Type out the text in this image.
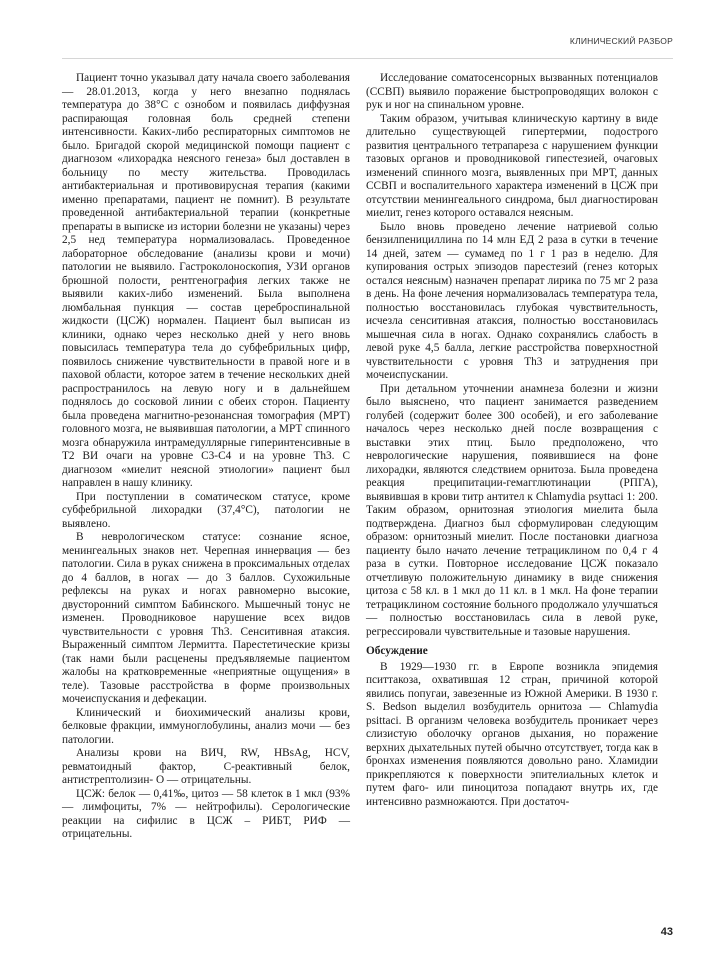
КЛИНИЧЕСКИЙ РАЗБОР

Пациент точно указывал дату начала своего заболевания — 28.01.2013, когда у него внезапно поднялась температура до 38°С с ознобом и появилась диффузная распирающая головная боль средней степени интенсивности. Каких-либо респираторных симптомов не было. Бригадой скорой медицинской помощи пациент с диагнозом «лихорадка неясного генеза» был доставлен в больницу по месту жительства. Проводилась антибактериальная и противовирусная терапия (какими именно препаратами, пациент не помнит). В результате проведенной антибактериальной терапии (конкретные препараты в выписке из истории болезни не указаны) через 2,5 нед температура нормализовалась. Проведенное лабораторное обследование (анализы крови и мочи) патологии не выявило. Гастроколоноскопия, УЗИ органов брюшной полости, рентгенография легких также не выявили каких-либо изменений. Была выполнена люмбальная пункция — состав цереброспинальной жидкости (ЦСЖ) нормален. Пациент был выписан из клиники, однако через несколько дней у него вновь повысилась температура тела до субфебрильных цифр, появилось снижение чувствительности в правой ноге и в паховой области, которое затем в течение нескольких дней распространилось на левую ногу и в дальнейшем поднялось до сосковой линии с обеих сторон. Пациенту была проведена магнитно-резонансная томография (МРТ) головного мозга, не выявившая патологии, а МРТ спинного мозга обнаружила интрамедуллярные гиперинтенсивные в Т2 ВИ очаги на уровне С3-С4 и на уровне Th3. С диагнозом «миелит неясной этиологии» пациент был направлен в нашу клинику.

При поступлении в соматическом статусе, кроме субфебрильной лихорадки (37,4°С), патологии не выявлено.

В неврологическом статусе: сознание ясное, менингеальных знаков нет. Черепная иннервация — без патологии. Сила в руках снижена в проксимальных отделах до 4 баллов, в ногах — до 3 баллов. Сухожильные рефлексы на руках и ногах равномерно высокие, двусторонний симптом Бабинского. Мышечный тонус не изменен. Проводниковое нарушение всех видов чувствительности с уровня Th3. Сенситивная атаксия. Выраженный симптом Лермитта. Парестетические кризы (так нами были расценены предъявляемые пациентом жалобы на кратковременные «неприятные ощущения» в теле). Тазовые расстройства в форме произвольных мочеиспускания и дефекации.

Клинический и биохимический анализы крови, белковые фракции, иммуноглобулины, анализ мочи — без патологии.

Анализы крови на ВИЧ, RW, HBsAg, HCV, ревматоидный фактор, С-реактивный белок, антистрептолизин- О — отрицательны.

ЦСЖ: белок — 0,41‰, цитоз — 58 клеток в 1 мкл (93% — лимфоциты, 7% — нейтрофилы). Серологические реакции на сифилис в ЦСЖ – РИБТ, РИФ — отрицательны.

Исследование соматосенсорных вызванных потенциалов (ССВП) выявило поражение быстропроводящих волокон с рук и ног на спинальном уровне.

Таким образом, учитывая клиническую картину в виде длительно существующей гипертермии, подострого развития центрального тетрапареза с нарушением функции тазовых органов и проводниковой гипестезией, очаговых изменений спинного мозга, выявленных при МРТ, данных ССВП и воспалительного характера изменений в ЦСЖ при отсутствии менингеального синдрома, был диагностирован миелит, генез которого оставался неясным.

Было вновь проведено лечение натриевой солью бензилпенициллина по 14 млн ЕД 2 раза в сутки в течение 14 дней, затем — сумамед по 1 г 1 раз в неделю. Для купирования острых эпизодов парестезий (генез которых остался неясным) назначен препарат лирика по 75 мг 2 раза в день. На фоне лечения нормализовалась температура тела, полностью восстановилась глубокая чувствительность, исчезла сенситивная атаксия, полностью восстановилась мышечная сила в ногах. Однако сохранялись слабость в левой руке 4,5 балла, легкие расстройства поверхностной чувствительности с уровня Th3 и затруднения при мочеиспускании.

При детальном уточнении анамнеза болезни и жизни было выяснено, что пациент занимается разведением голубей (содержит более 300 особей), и его заболевание началось через несколько дней после возвращения с выставки этих птиц. Было предположено, что неврологические нарушения, появившиеся на фоне лихорадки, являются следствием орнитоза. Была проведена реакция преципитации-гемагглютинации (РПГА), выявившая в крови титр антител к Chlamydia psyttaci 1: 200. Таким образом, орнитозная этиология миелита была подтверждена. Диагноз был сформулирован следующим образом: орнитозный миелит. После постановки диагноза пациенту было начато лечение тетрациклином по 0,4 г 4 раза в сутки. Повторное исследование ЦСЖ показало отчетливую положительную динамику в виде снижения цитоза с 58 кл. в 1 мкл до 11 кл. в 1 мкл. На фоне терапии тетрациклином состояние больного продолжало улучшаться — полностью восстановилась сила в левой руке, регрессировали чувствительные и тазовые нарушения.

Обсуждение

В 1929—1930 гг. в Европе возникла эпидемия пситтакоза, охватившая 12 стран, причиной которой явились попугаи, завезенные из Южной Америки. В 1930 г. S. Bedson выделил возбудитель орнитоза — Chlamydia psittaci. В организм человека возбудитель проникает через слизистую оболочку органов дыхания, но поражение верхних дыхательных путей обычно отсутствует, тогда как в бронхах изменения появляются довольно рано. Хламидии прикрепляются к поверхности эпителиальных клеток и путем фаго- или пиноцитоза попадают внутрь их, где интенсивно размножаются. При достаточ-

43
